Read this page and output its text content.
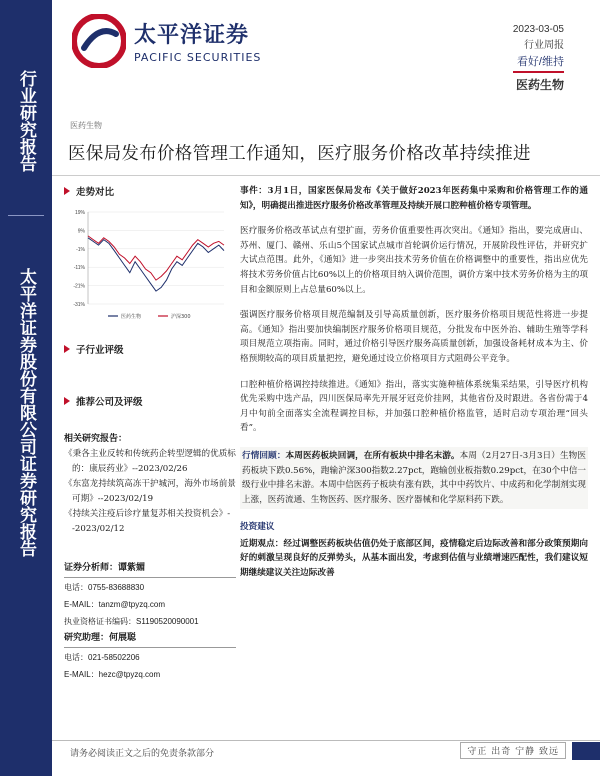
行业研究报告
太平洋证券股份有限公司证券研究报告
太平洋证券
PACIFIC SECURITIES
2023-03-05
行业周报
看好/维持
医药生物
医药生物
医保局发布价格管理工作通知，医疗服务价格改革持续推进
走势对比
19%
9%
-1%
-11%
-21%
-31%
医药生物	沪深300
子行业评级
推荐公司及评级
相关研究报告：
《秉各主业反转和传统药企转型逻辑的优质标的：康辰药业》--2023/02/26
《东富龙持续筑高冻干护城河，海外市场前景可期》--2023/02/19
《持续关注疫后诊疗量复苏相关投资机会》--2023/02/12
证券分析师：谭紫媚
电话：0755-83688830
E-MAIL：tanzm@tpyzq.com
执业资格证书编码：S1190520090001
研究助理：何展聪
电话：021-58502206
E-MAIL：hezc@tpyzq.com

事件：3月1日，国家医保局发布《关于做好2023年医药集中采购和价格管理工作的通知》，明确提出推进医疗服务价格改革管理及持续开展口腔种植价格专项管理。

医疗服务价格改革试点有望扩面，劳务价值重要性再次突出。《通知》指出，要完成唐山、苏州、厦门、赣州、乐山5个国家试点城市首轮调价运行情况，开展阶段性评估，并研究扩大试点范围。此外，《通知》进一步突出技术劳务价值在价格调整中的重要性，指出应优先将技术劳务价值占比60%以上的价格项目纳入调价范围，调价方案中技术劳务价格为主的项目和金额原则上占总量60%以上。

强调医疗服务价格项目规范编制及引导高质量创新，医疗服务价格项目规范性将进一步提高。《通知》指出要加快编制医疗服务价格项目规范，分批发布中医外治、辅助生殖等学科项目规范立项指南。同时，通过价格引导医疗服务高质量创新，加强设备耗材成本为主、价格预期较高的项目质量把控，避免通过设立价格项目方式阻碍公平竞争。

口腔种植价格调控持续推进。《通知》指出，落实实施种植体系统集采结果，引导医疗机构优先采购中选产品，四川医保局率先开展牙冠竞价挂网，其他省份及时跟进。各省份需于4月中旬前全面落实全流程调控目标，并加强口腔种植价格监管，适时启动专项治理“回头看”。

行情回顾：本周医药板块回调，在所有板块中排名末游。本周（2月27日-3月3日）生物医药板块下跌0.56%，跑输沪深300指数2.27pct，跑输创业板指数0.29pct，在30个中信一级行业中排名末游。本周中信医药子板块有涨有跌，其中中药饮片、中成药和化学制剂实现上涨，医药流通、生物医药、医疗服务、医疗器械和化学原料药下跌。

投资建议

近期观点：经过调整医药板块估值仍处于底部区间，疫情稳定后边际改善和部分政策预期向好的刺激呈现良好的反弹势头，从基本面出发，考虑到估值与业绩增速匹配性，我们建议短期继续建议关注边际改善

请务必阅读正文之后的免责条款部分	守正 出奇 宁静 致远
